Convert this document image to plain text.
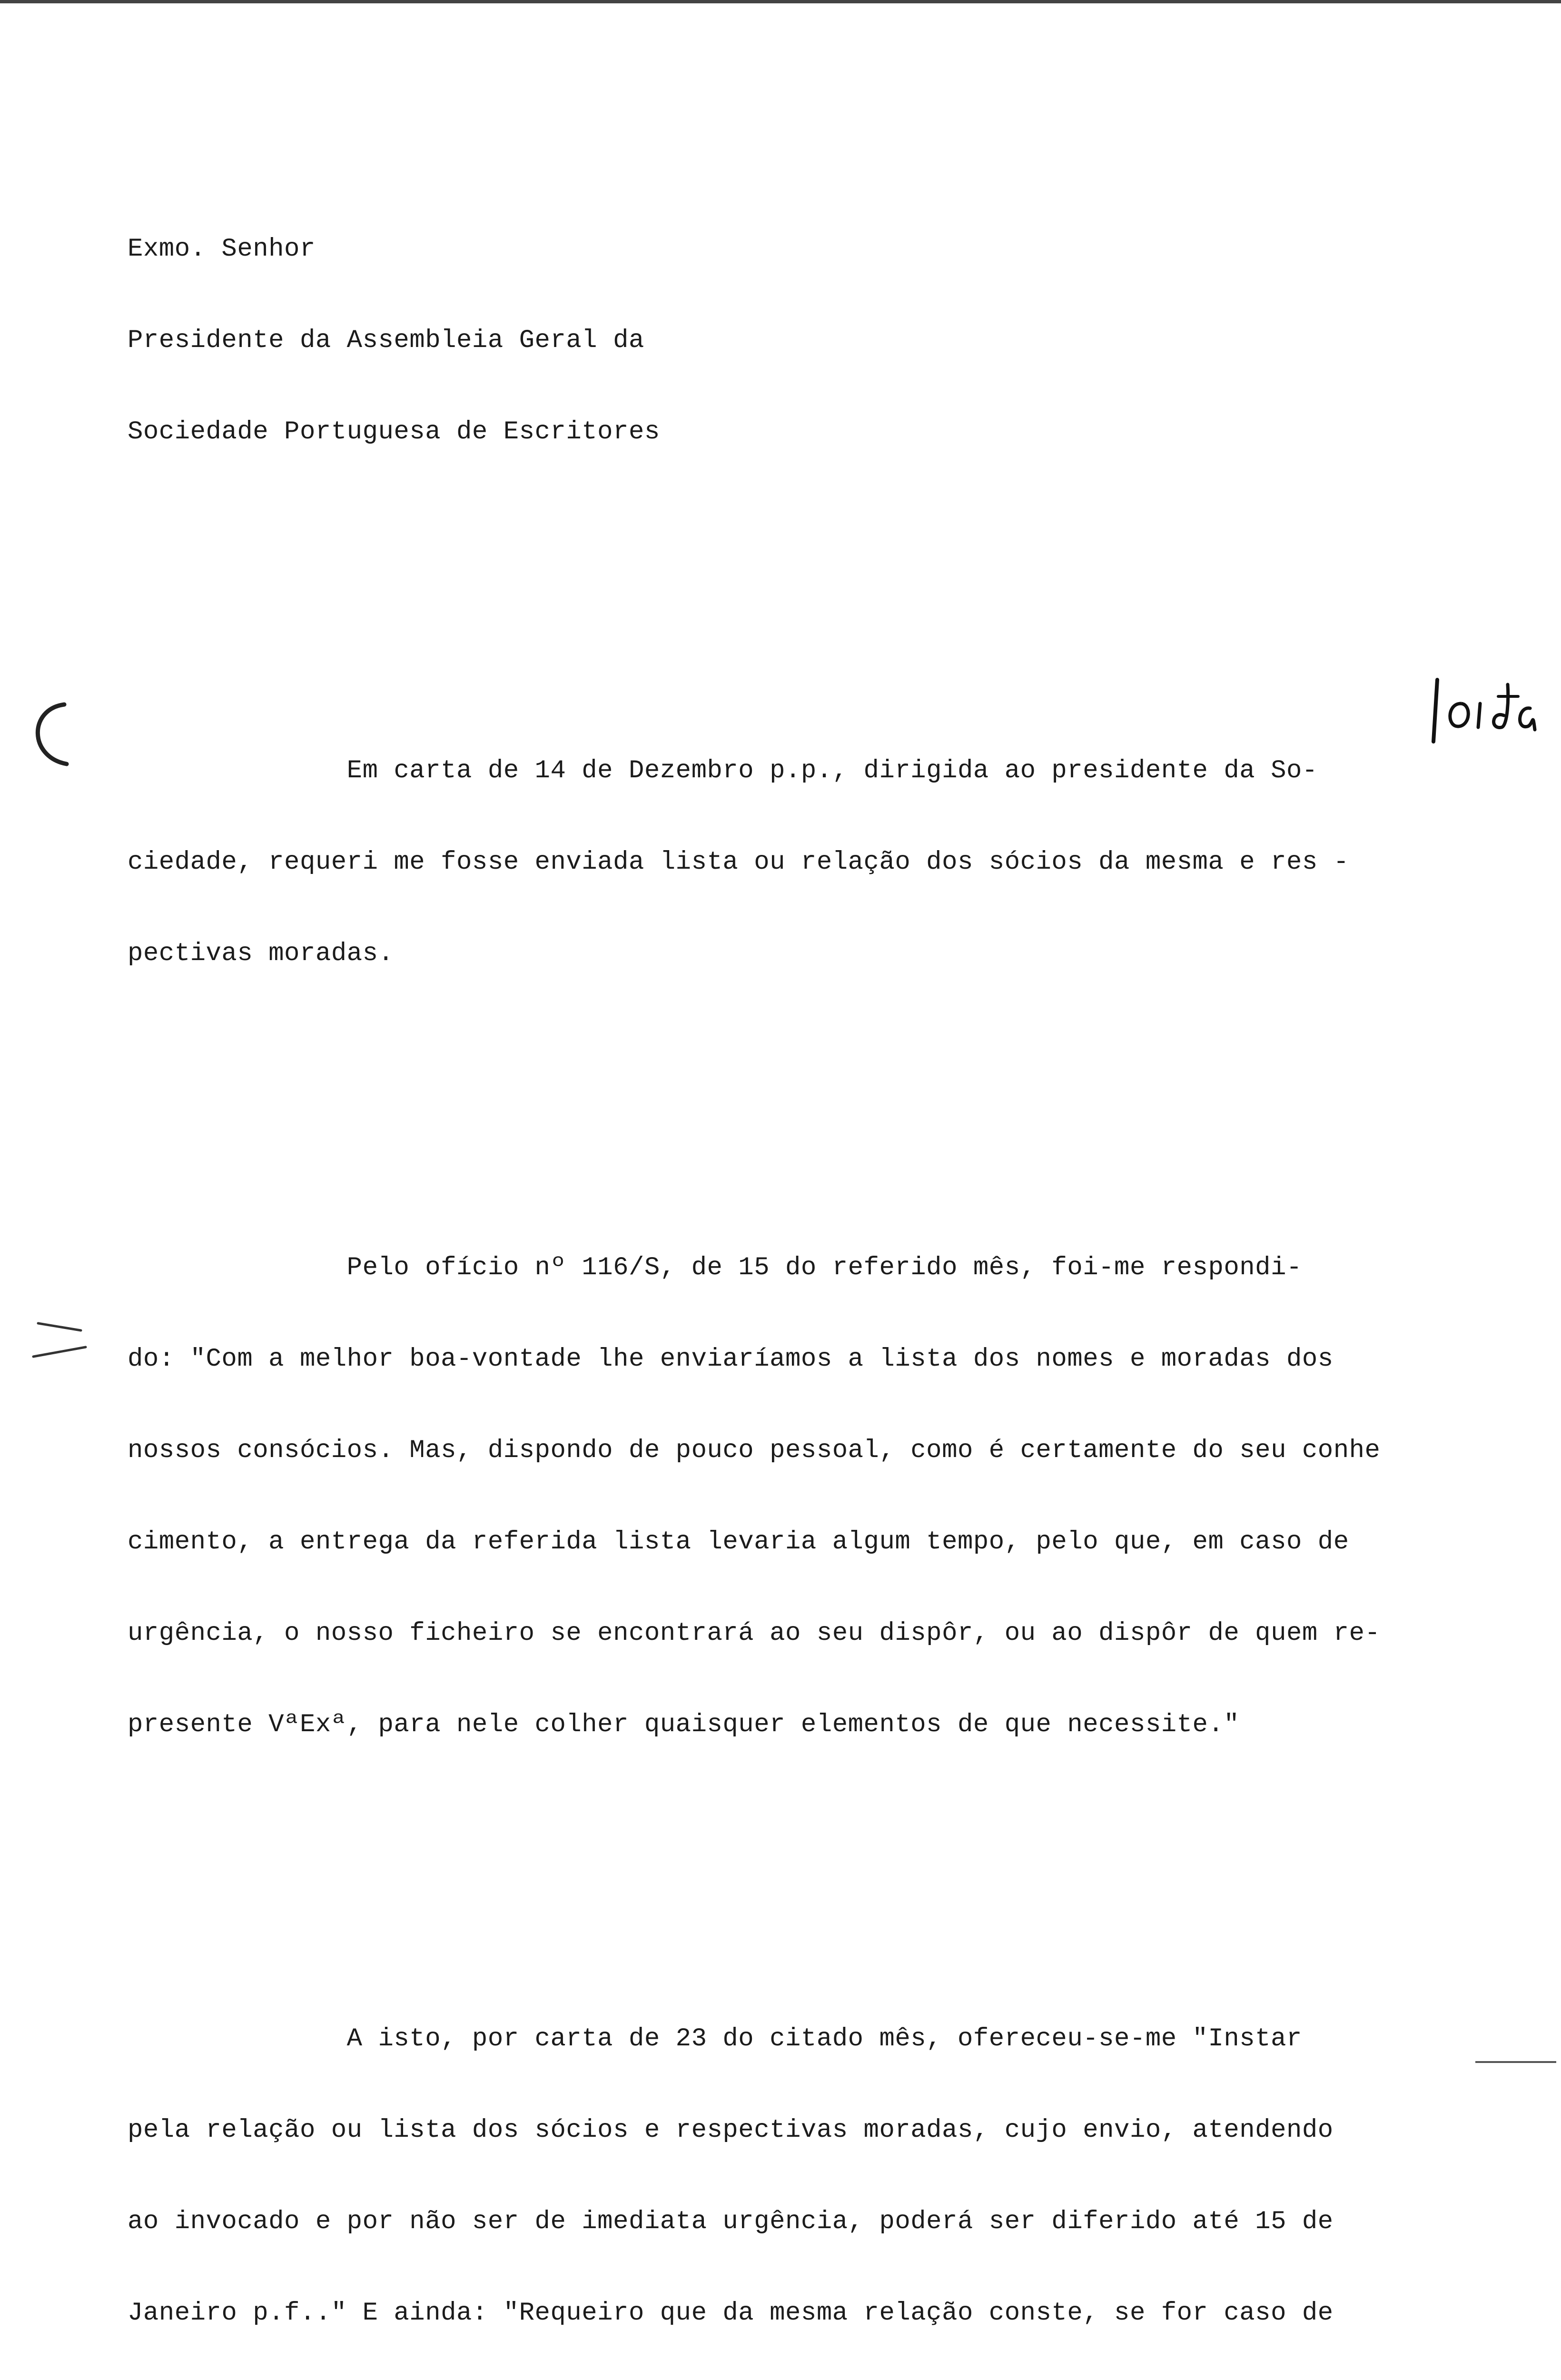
Exmo. Senhor

Presidente da Assembleia Geral da

Sociedade Portuguesa de Escritores

Em carta de 14 de Dezembro p.p., dirigida ao presidente da So-

ciedade, requeri me fosse enviada lista ou relação dos sócios da mesma e res -

pectivas moradas.

Pelo ofício nº 116/S, de 15 do referido mês, foi-me respondi-

do: "Com a melhor boa-vontade lhe enviaríamos a lista dos nomes e moradas dos

nossos consócios. Mas, dispondo de pouco pessoal, como é certamente do seu conhe

cimento, a entrega da referida lista levaria algum tempo, pelo que, em caso de

urgência, o nosso ficheiro se encontrará ao seu dispôr, ou ao dispôr de quem re-

presente VªExª, para nele colher quaisquer elementos de que necessite."

A isto, por carta de 23 do citado mês, ofereceu-se-me "Instar

pela relação ou lista dos sócios e respectivas moradas, cujo envio, atendendo

ao invocado e por não ser de imediata urgência, poderá ser diferido até 15 de

Janeiro p.f.." E ainda: "Requeiro que da mesma relação conste, se for caso de
